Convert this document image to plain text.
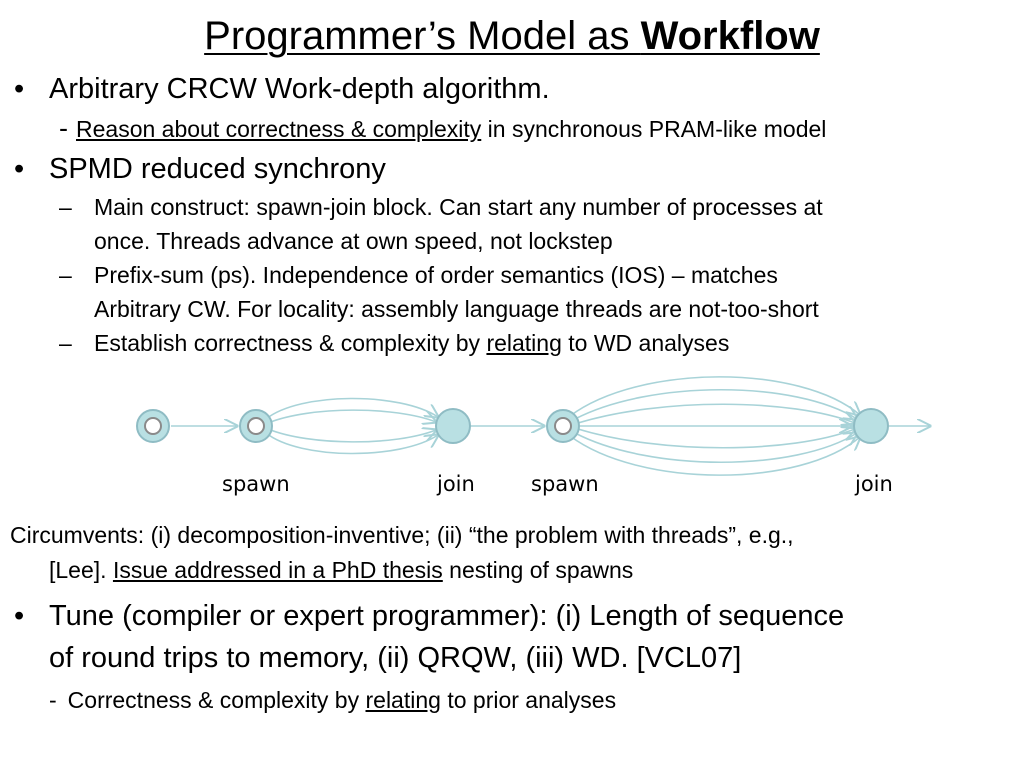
Programmer’s Model as Workflow
• Arbitrary CRCW Work-depth algorithm.
- Reason about correctness & complexity in synchronous PRAM-like model
• SPMD reduced synchrony
– Main construct: spawn-join block. Can start any number of processes at
once. Threads advance at own speed, not lockstep
– Prefix-sum (ps). Independence of order semantics (IOS) – matches
Arbitrary CW. For locality: assembly language threads are not-too-short
– Establish correctness & complexity by relating to WD analyses
spawn	join	spawn	join
Circumvents: (i) decomposition-inventive; (ii) “the problem with threads”, e.g.,
[Lee]. Issue addressed in a PhD thesis nesting of spawns
• Tune (compiler or expert programmer): (i) Length of sequence
of round trips to memory, (ii) QRQW, (iii) WD. [VCL07]
- Correctness & complexity by relating to prior analyses
